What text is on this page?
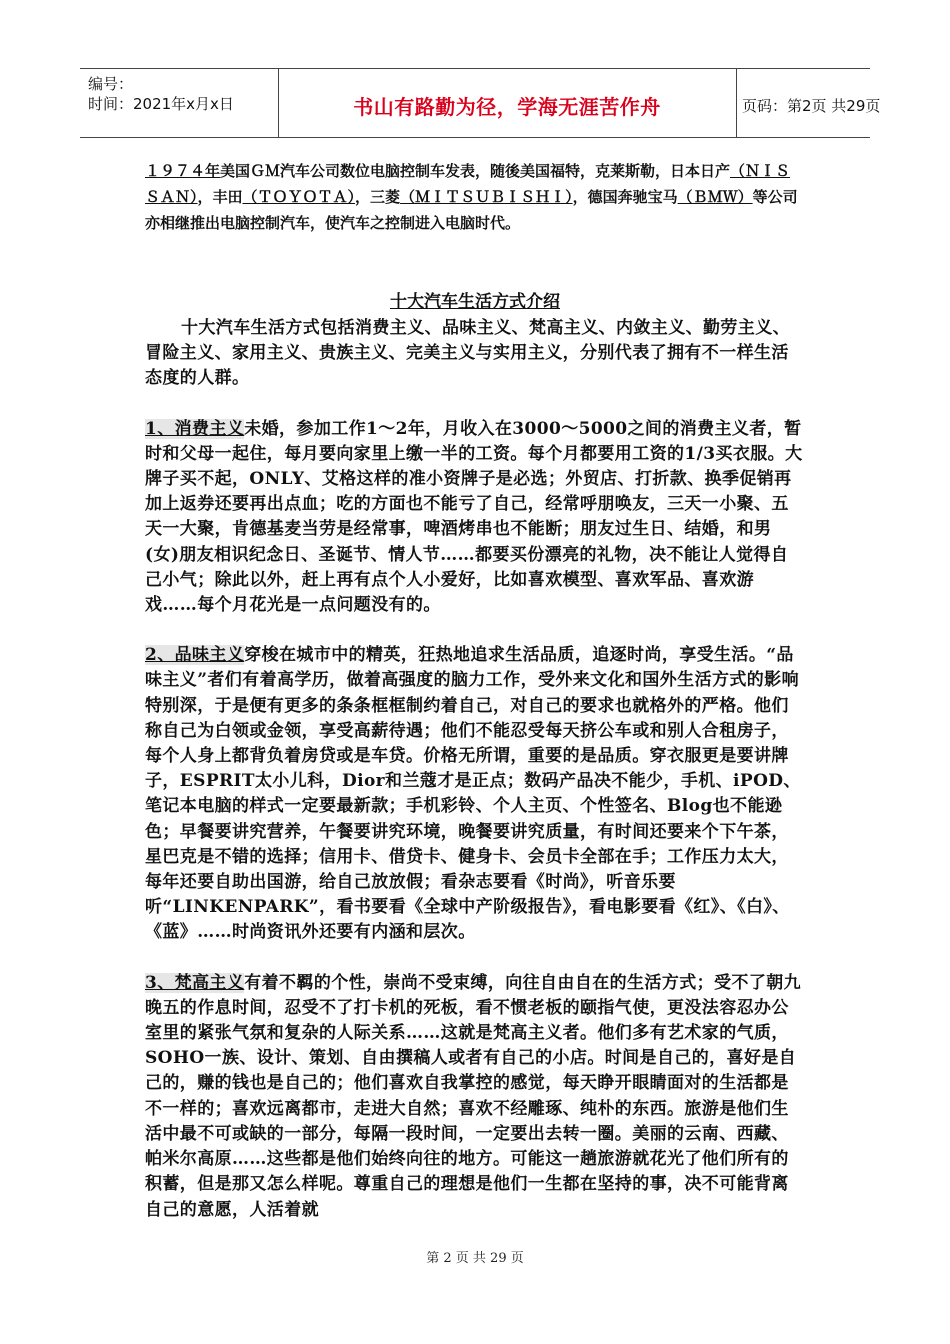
编号：
时间：2021年x月x日	书山有路勤为径，学海无涯苦作舟	页码：第2页 共29页

１９７４年美国ＧＭ汽车公司数位电脑控制车发表，随後美国福特，克莱斯勒，日本日产（ＮＩＳＳＡＮ），丰田（ＴＯＹＯＴＡ），三菱（ＭＩＴＳＵＢＩＳＨＩ），德国奔驰宝马（ＢＭＷ）等公司亦相继推出电脑控制汽车，使汽车之控制进入电脑时代。

十大汽车生活方式介绍

十大汽车生活方式包括消费主义、品味主义、梵高主义、内敛主义、勤劳主义、冒险主义、家用主义、贵族主义、完美主义与实用主义，分别代表了拥有不一样生活态度的人群。

1、消费主义未婚，参加工作1～2年，月收入在3000～5000之间的消费主义者，暂时和父母一起住，每月要向家里上缴一半的工资。每个月都要用工资的1/3买衣服。大牌子买不起，ONLY、艾格这样的准小资牌子是必选；外贸店、打折款、换季促销再加上返券还要再出点血；吃的方面也不能亏了自己，经常呼朋唤友，三天一小聚、五天一大聚，肯德基麦当劳是经常事，啤酒烤串也不能断；朋友过生日、结婚，和男(女)朋友相识纪念日、圣诞节、情人节……都要买份漂亮的礼物，决不能让人觉得自己小气；除此以外，赶上再有点个人小爱好，比如喜欢模型、喜欢军品、喜欢游戏……每个月花光是一点问题没有的。

2、品味主义穿梭在城市中的精英，狂热地追求生活品质，追逐时尚，享受生活。“品味主义”者们有着高学历，做着高强度的脑力工作，受外来文化和国外生活方式的影响特别深，于是便有更多的条条框框制约着自己，对自己的要求也就格外的严格。他们称自己为白领或金领，享受高薪待遇；他们不能忍受每天挤公车或和别人合租房子，每个人身上都背负着房贷或是车贷。价格无所谓，重要的是品质。穿衣服更是要讲牌子，ESPRIT太小儿科，Dior和兰蔻才是正点；数码产品决不能少，手机、iPOD、笔记本电脑的样式一定要最新款；手机彩铃、个人主页、个性签名、Blog也不能逊色；早餐要讲究营养，午餐要讲究环境，晚餐要讲究质量，有时间还要来个下午茶，星巴克是不错的选择；信用卡、借贷卡、健身卡、会员卡全部在手；工作压力太大，每年还要自助出国游，给自己放放假；看杂志要看《时尚》，听音乐要听“LINKENPARK”，看书要看《全球中产阶级报告》，看电影要看《红》、《白》、《蓝》……时尚资讯外还要有内涵和层次。

3、梵高主义有着不羁的个性，崇尚不受束缚，向往自由自在的生活方式；受不了朝九晚五的作息时间，忍受不了打卡机的死板，看不惯老板的颐指气使，更没法容忍办公室里的紧张气氛和复杂的人际关系……这就是梵高主义者。他们多有艺术家的气质，SOHO一族、设计、策划、自由撰稿人或者有自己的小店。时间是自己的，喜好是自己的，赚的钱也是自己的；他们喜欢自我掌控的感觉，每天睁开眼睛面对的生活都是不一样的；喜欢远离都市，走进大自然；喜欢不经雕琢、纯朴的东西。旅游是他们生活中最不可或缺的一部分，每隔一段时间，一定要出去转一圈。美丽的云南、西藏、帕米尔高原……这些都是他们始终向往的地方。可能这一趟旅游就花光了他们所有的积蓄，但是那又怎么样呢。尊重自己的理想是他们一生都在坚持的事，决不可能背离自己的意愿，人活着就

第 2 页 共 29 页
